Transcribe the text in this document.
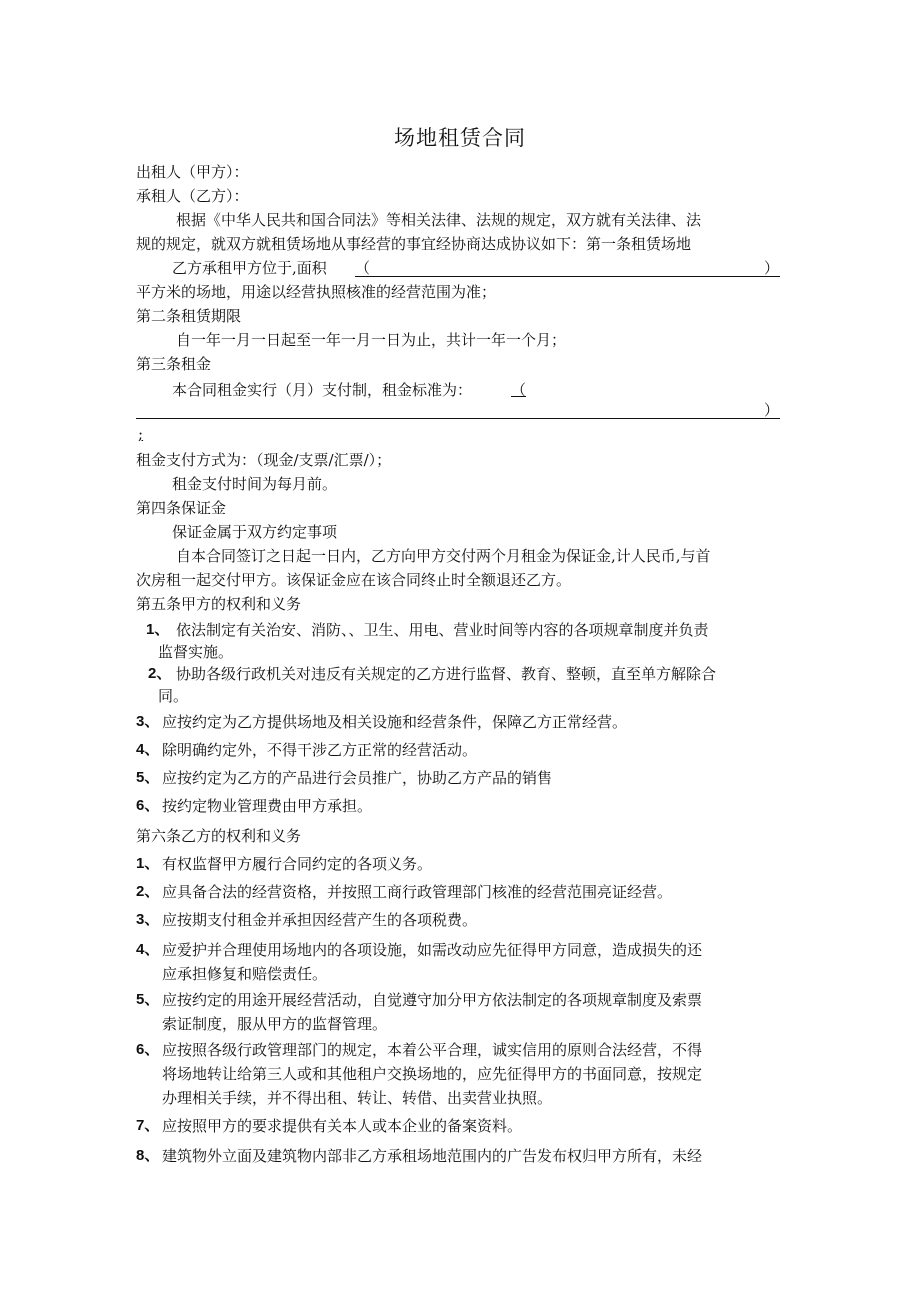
场地租赁合同
出租人（甲方）：
承租人（乙方）：
根据《中华人民共和国合同法》等相关法律、法规的规定，双方就有关法律、法
规的规定，就双方就租赁场地从事经营的事宜经协商达成协议如下：第一条租赁场地
乙方承租甲方位于,面积 （	）
平方米的场地，用途以经营执照核准的经营范围为准；
第二条租赁期限
自一年一月一日起至一年一月一日为止，共计一年一个月；
第三条租金
本合同租金实行（月）支付制，租金标准为：	（
）
;
租金支付方式为：（现金/支票/汇票/）；
租金支付时间为每月前。
第四条保证金
保证金属于双方约定事项
自本合同签订之日起一日内，乙方向甲方交付两个月租金为保证金,计人民币,与首
次房租一起交付甲方。该保证金应在该合同终止时全额退还乙方。
第五条甲方的权利和义务
1、 依法制定有关治安、消防、、卫生、用电、营业时间等内容的各项规章制度并负责
监督实施。
2、 协助各级行政机关对违反有关规定的乙方进行监督、教育、整顿，直至单方解除合
同。
3、 应按约定为乙方提供场地及相关设施和经营条件，保障乙方正常经营。
4、 除明确约定外，不得干涉乙方正常的经营活动。
5、 应按约定为乙方的产品进行会员推广，协助乙方产品的销售
6、 按约定物业管理费由甲方承担。
第六条乙方的权利和义务
1、 有权监督甲方履行合同约定的各项义务。
2、 应具备合法的经营资格，并按照工商行政管理部门核准的经营范围亮证经营。
3、 应按期支付租金并承担因经营产生的各项税费。
4、 应爱护并合理使用场地内的各项设施，如需改动应先征得甲方同意，造成损失的还
应承担修复和赔偿责任。
5、 应按约定的用途开展经营活动，自觉遵守加分甲方依法制定的各项规章制度及索票
索证制度，服从甲方的监督管理。
6、 应按照各级行政管理部门的规定，本着公平合理，诚实信用的原则合法经营，不得
将场地转让给第三人或和其他租户交换场地的，应先征得甲方的书面同意，按规定
办理相关手续，并不得出租、转让、转借、出卖营业执照。
7、 应按照甲方的要求提供有关本人或本企业的备案资料。
8、 建筑物外立面及建筑物内部非乙方承租场地范围内的广告发布权归甲方所有，未经
